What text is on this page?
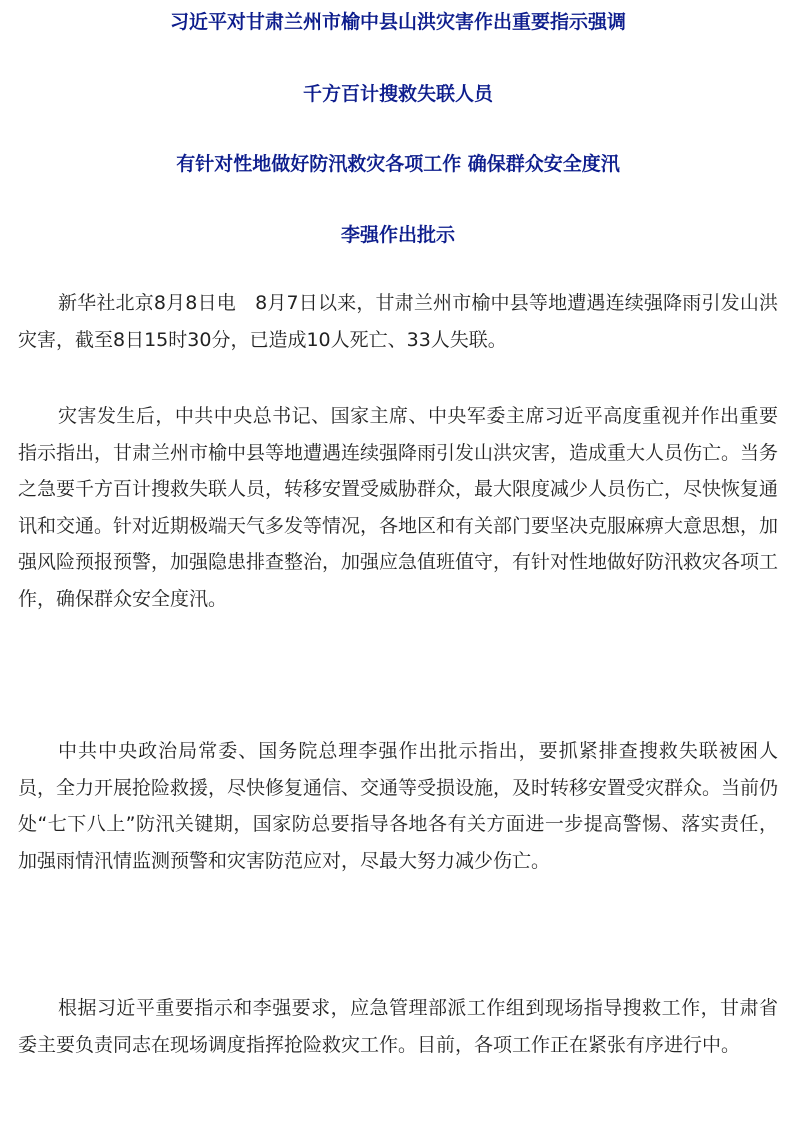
习近平对甘肃兰州市榆中县山洪灾害作出重要指示强调
千方百计搜救失联人员
有针对性地做好防汛救灾各项工作 确保群众安全度汛
李强作出批示

新华社北京8月8日电　8月7日以来，甘肃兰州市榆中县等地遭遇连续强降雨引发山洪灾害，截至8日15时30分，已造成10人死亡、33人失联。

灾害发生后，中共中央总书记、国家主席、中央军委主席习近平高度重视并作出重要指示指出，甘肃兰州市榆中县等地遭遇连续强降雨引发山洪灾害，造成重大人员伤亡。当务之急要千方百计搜救失联人员，转移安置受威胁群众，最大限度减少人员伤亡，尽快恢复通讯和交通。针对近期极端天气多发等情况，各地区和有关部门要坚决克服麻痹大意思想，加强风险预报预警，加强隐患排查整治，加强应急值班值守，有针对性地做好防汛救灾各项工作，确保群众安全度汛。

中共中央政治局常委、国务院总理李强作出批示指出，要抓紧排查搜救失联被困人员，全力开展抢险救援，尽快修复通信、交通等受损设施，及时转移安置受灾群众。当前仍处“七下八上”防汛关键期，国家防总要指导各地各有关方面进一步提高警惕、落实责任，加强雨情汛情监测预警和灾害防范应对，尽最大努力减少伤亡。

根据习近平重要指示和李强要求，应急管理部派工作组到现场指导搜救工作，甘肃省委主要负责同志在现场调度指挥抢险救灾工作。目前，各项工作正在紧张有序进行中。
